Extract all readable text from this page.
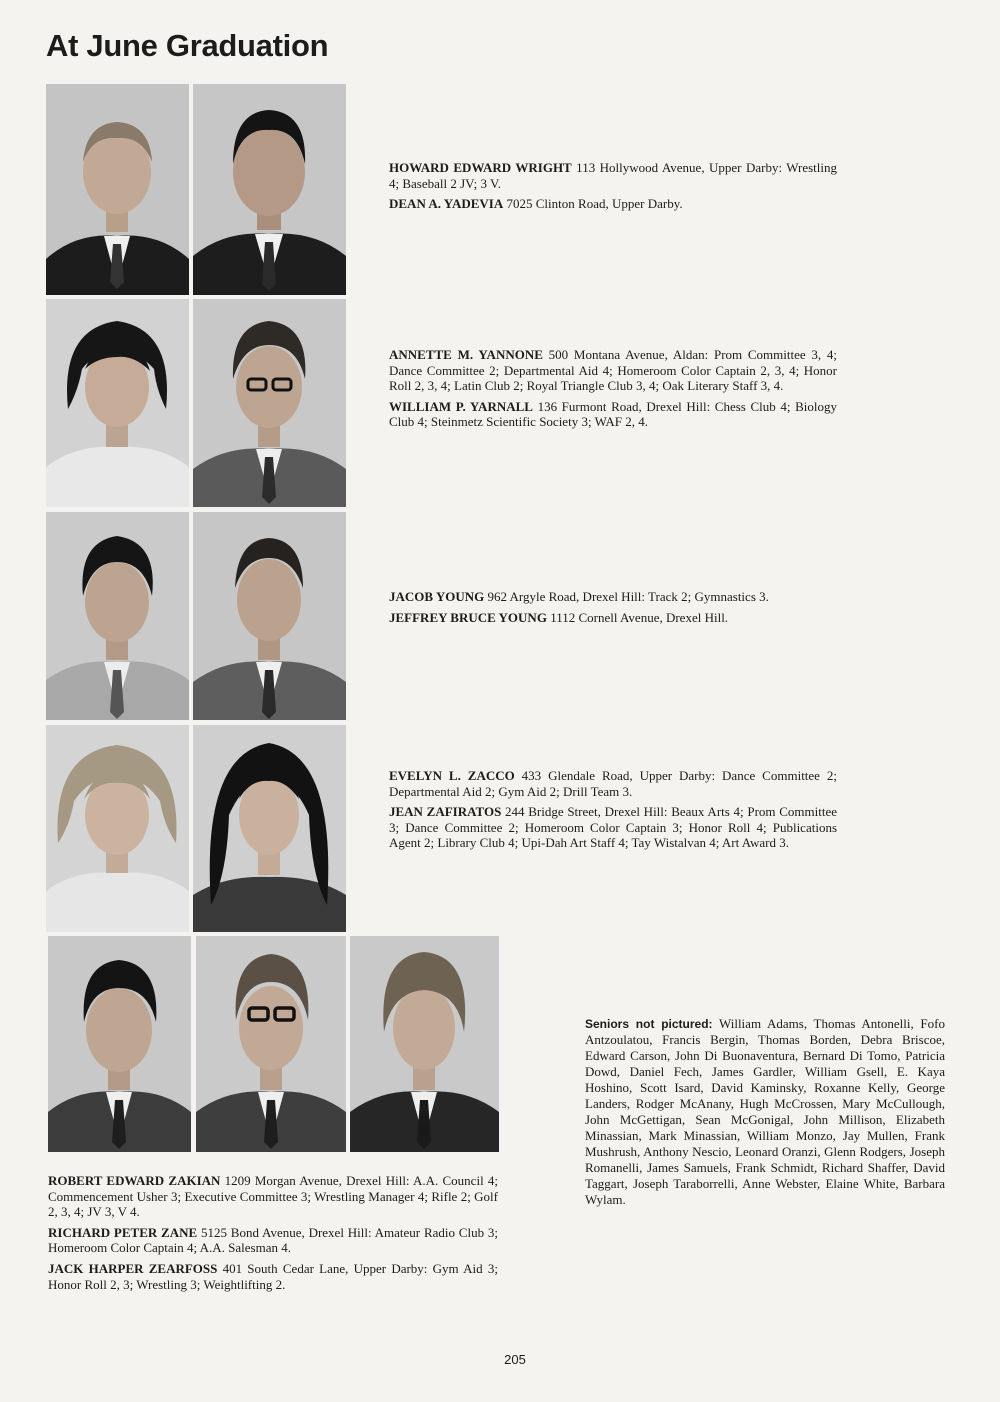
At June Graduation

HOWARD EDWARD WRIGHT 113 Hollywood Avenue, Upper Darby: Wrestling 4; Baseball 2 JV; 3 V.

DEAN A. YADEVIA 7025 Clinton Road, Upper Darby.

ANNETTE M. YANNONE 500 Montana Avenue, Aldan: Prom Committee 3, 4; Dance Committee 2; Departmental Aid 4; Homeroom Color Captain 2, 3, 4; Honor Roll 2, 3, 4; Latin Club 2; Royal Triangle Club 3, 4; Oak Literary Staff 3, 4.

WILLIAM P. YARNALL 136 Furmont Road, Drexel Hill: Chess Club 4; Biology Club 4; Steinmetz Scientific Society 3; WAF 2, 4.

JACOB YOUNG 962 Argyle Road, Drexel Hill: Track 2; Gymnastics 3.

JEFFREY BRUCE YOUNG 1112 Cornell Avenue, Drexel Hill.

EVELYN L. ZACCO 433 Glendale Road, Upper Darby: Dance Committee 2; Departmental Aid 2; Gym Aid 2; Drill Team 3.

JEAN ZAFIRATOS 244 Bridge Street, Drexel Hill: Beaux Arts 4; Prom Committee 3; Dance Committee 2; Homeroom Color Captain 3; Honor Roll 4; Publications Agent 2; Library Club 4; Upi-Dah Art Staff 4; Tay Wistalvan 4; Art Award 3.

ROBERT EDWARD ZAKIAN 1209 Morgan Avenue, Drexel Hill: A.A. Council 4; Commencement Usher 3; Executive Committee 3; Wrestling Manager 4; Rifle 2; Golf 2, 3, 4; JV 3, V 4.

RICHARD PETER ZANE 5125 Bond Avenue, Drexel Hill: Amateur Radio Club 3; Homeroom Color Captain 4; A.A. Salesman 4.

JACK HARPER ZEARFOSS 401 South Cedar Lane, Upper Darby: Gym Aid 3; Honor Roll 2, 3; Wrestling 3; Weightlifting 2.

Seniors not pictured: William Adams, Thomas Antonelli, Fofo Antzoulatou, Francis Bergin, Thomas Borden, Debra Briscoe, Edward Carson, John Di Buonaventura, Bernard Di Tomo, Patricia Dowd, Daniel Fech, James Gardler, William Gsell, E. Kaya Hoshino, Scott Isard, David Kaminsky, Roxanne Kelly, George Landers, Rodger McAnany, Hugh McCrossen, Mary McCullough, John McGettigan, Sean McGonigal, John Millison, Elizabeth Minassian, Mark Minassian, William Monzo, Jay Mullen, Frank Mushrush, Anthony Nescio, Leonard Oranzi, Glenn Rodgers, Joseph Romanelli, James Samuels, Frank Schmidt, Richard Shaffer, David Taggart, Joseph Taraborrelli, Anne Webster, Elaine White, Barbara Wylam.
205
